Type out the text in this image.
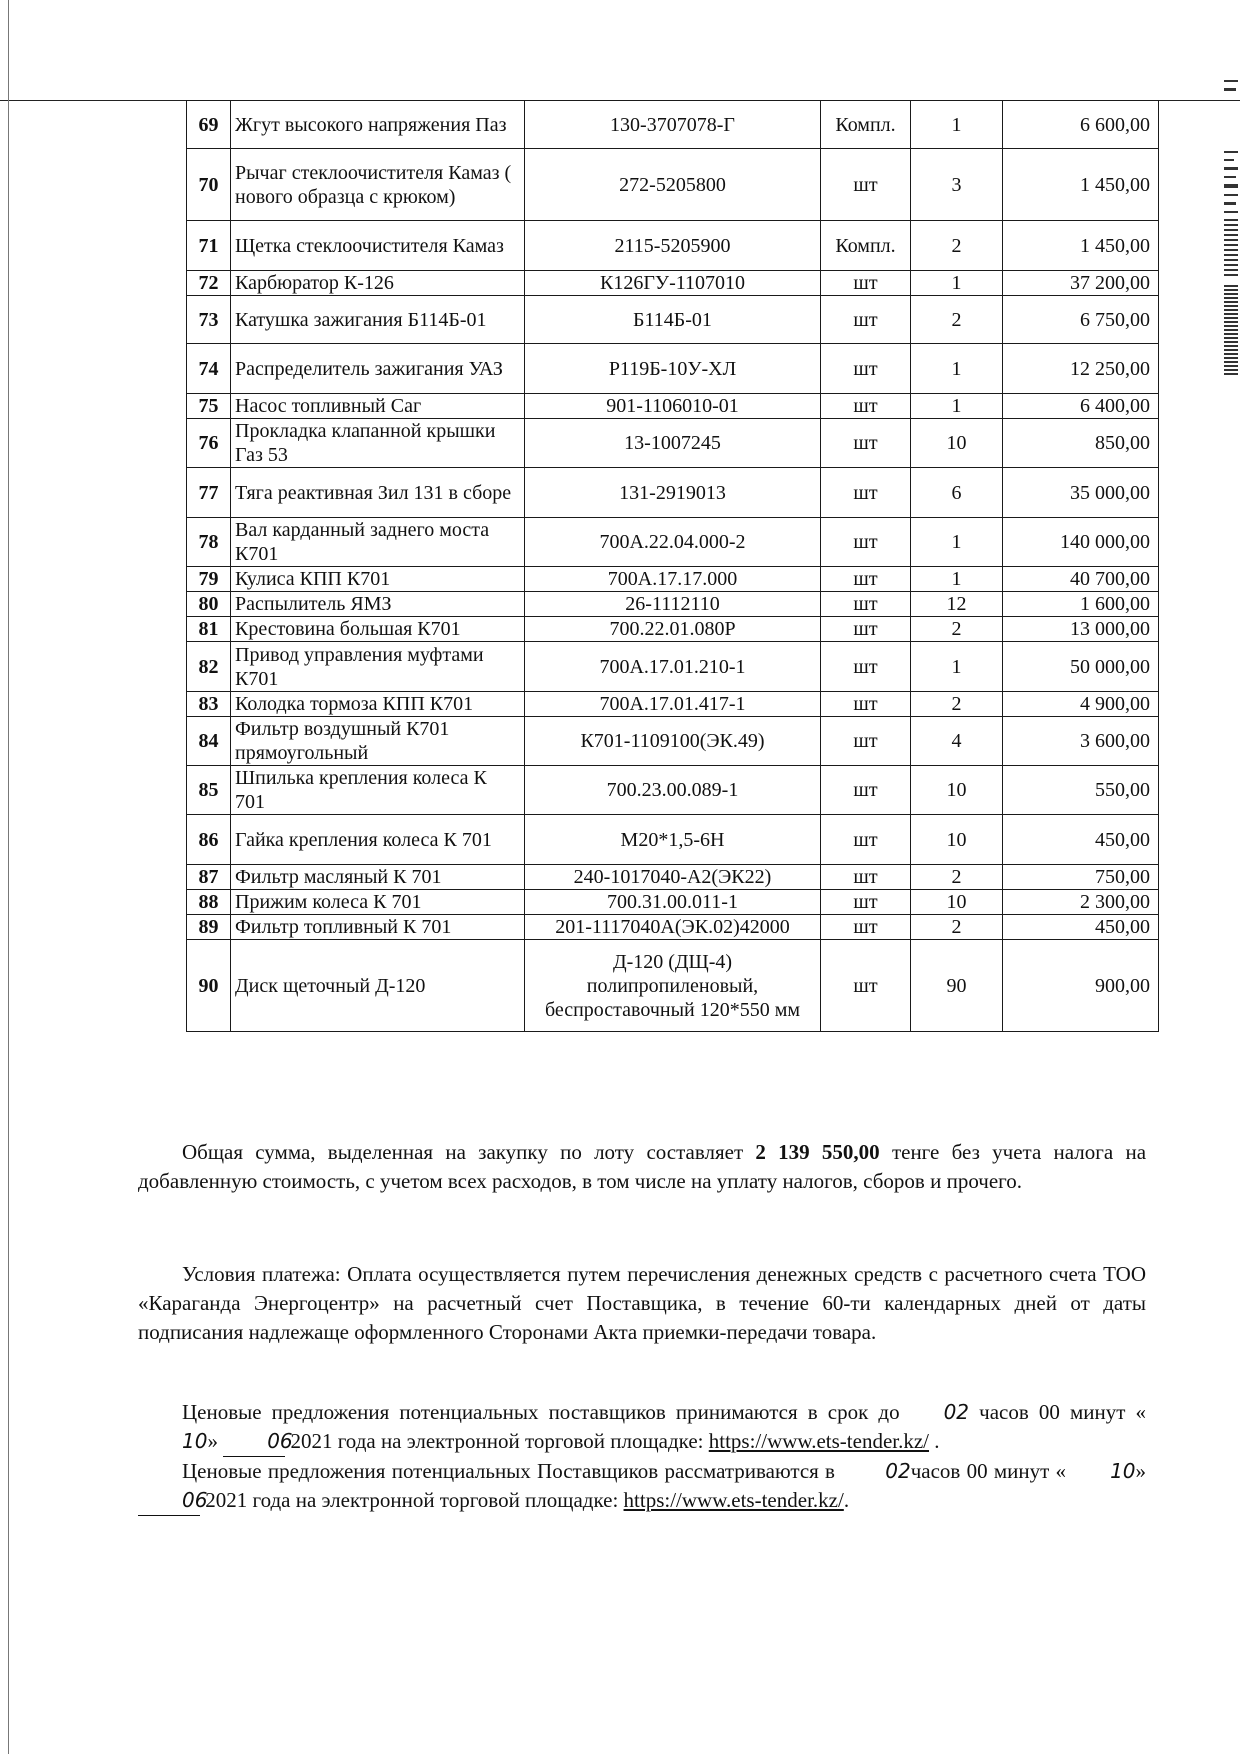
69	Жгут высокого напряжения Паз	130-3707078-Г	Компл.	1	6 600,00
70	Рычаг стеклоочистителя Камаз ( нового образца с крюком)	272-5205800	шт	3	1 450,00
71	Щетка стеклоочистителя Камаз	2115-5205900	Компл.	2	1 450,00
72	Карбюратор К-126	К126ГУ-1107010	шт	1	37 200,00
73	Катушка зажигания Б114Б-01	Б114Б-01	шт	2	6 750,00
74	Распределитель зажигания УАЗ	Р119Б-10У-ХЛ	шт	1	12 250,00
75	Насос топливный Саг	901-1106010-01	шт	1	6 400,00
76	Прокладка клапанной крышки Газ 53	13-1007245	шт	10	850,00
77	Тяга реактивная Зил 131 в сборе	131-2919013	шт	6	35 000,00
78	Вал карданный заднего моста К701	700А.22.04.000-2	шт	1	140 000,00
79	Кулиса КПП К701	700А.17.17.000	шт	1	40 700,00
80	Распылитель ЯМЗ	26-1112110	шт	12	1 600,00
81	Крестовина большая К701	700.22.01.080Р	шт	2	13 000,00
82	Привод управления муфтами К701	700А.17.01.210-1	шт	1	50 000,00
83	Колодка тормоза КПП К701	700А.17.01.417-1	шт	2	4 900,00
84	Фильтр воздушный К701 прямоугольный	К701-1109100(ЭК.49)	шт	4	3 600,00
85	Шпилька крепления колеса К 701	700.23.00.089-1	шт	10	550,00
86	Гайка крепления колеса К 701	М20*1,5-6Н	шт	10	450,00
87	Фильтр масляный К 701	240-1017040-А2(ЭК22)	шт	2	750,00
88	Прижим колеса К 701	700.31.00.011-1	шт	10	2 300,00
89	Фильтр топливный К 701	201-1117040А(ЭК.02)42000	шт	2	450,00
90	Диск щеточный Д-120	Д-120 (ДЩ-4) полипропиленовый, беспроставочный 120*550 мм	шт	90	900,00

Общая сумма, выделенная на закупку по лоту составляет 2 139 550,00 тенге без учета налога на добавленную стоимость, с учетом всех расходов, в том числе на уплату налогов, сборов и прочего.

Условия платежа: Оплата осуществляется путем перечисления денежных средств с расчетного счета ТОО «Караганда Энергоцентр» на расчетный счет Поставщика, в течение 60-ти календарных дней от даты подписания надлежаще оформленного Сторонами Акта приемки-передачи товара.

Ценовые предложения потенциальных поставщиков принимаются в срок до 02 часов 00 минут «10» 06 2021 года на электронной торговой площадке: https://www.ets-tender.kz/ .

Ценовые предложения потенциальных Поставщиков рассматриваются в 02часов 00 минут « 10» 06 2021 года на электронной торговой площадке: https://www.ets-tender.kz/.
